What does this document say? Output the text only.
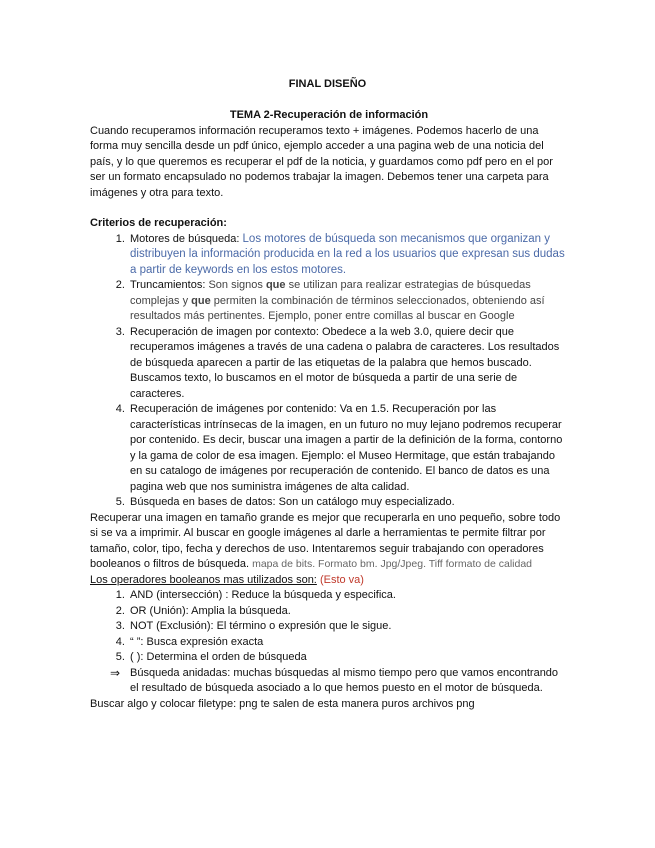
FINAL DISEÑO

TEMA 2-Recuperación de información

Cuando recuperamos información recuperamos texto + imágenes. Podemos hacerlo de una forma muy sencilla desde un pdf único, ejemplo acceder a una pagina web de una noticia del país, y lo que queremos es recuperar el pdf de la noticia, y guardamos como pdf pero en el por ser un formato encapsulado no podemos trabajar la imagen. Debemos tener una carpeta para imágenes y otra para texto.

Criterios de recuperación:

1. Motores de búsqueda: Los motores de búsqueda son mecanismos que organizan y distribuyen la información producida en la red a los usuarios que expresan sus dudas a partir de keywords en los estos motores.
2. Truncamientos: Son signos que se utilizan para realizar estrategias de búsquedas complejas y que permiten la combinación de términos seleccionados, obteniendo así resultados más pertinentes. Ejemplo, poner entre comillas al buscar en Google
3. Recuperación de imagen por contexto: Obedece a la web 3.0, quiere decir que recuperamos imágenes a través de una cadena o palabra de caracteres. Los resultados de búsqueda aparecen a partir de las etiquetas de la palabra que hemos buscado. Buscamos texto, lo buscamos en el motor de búsqueda a partir de una serie de caracteres.
4. Recuperación de imágenes por contenido: Va en 1.5. Recuperación por las características intrínsecas de la imagen, en un futuro no muy lejano podremos recuperar por contenido. Es decir, buscar una imagen a partir de la definición de la forma, contorno y la gama de color de esa imagen. Ejemplo: el Museo Hermitage, que están trabajando en su catalogo de imágenes por recuperación de contenido. El banco de datos es una pagina web que nos suministra imágenes de alta calidad.
5. Búsqueda en bases de datos: Son un catálogo muy especializado.

Recuperar una imagen en tamaño grande es mejor que recuperarla en uno pequeño, sobre todo si se va a imprimir. Al buscar en google imágenes al darle a herramientas te permite filtrar por tamaño, color, tipo, fecha y derechos de uso. Intentaremos seguir trabajando con operadores booleanos o filtros de búsqueda. mapa de bits. Formato bm. Jpg/Jpeg. Tiff formato de calidad

Los operadores booleanos mas utilizados son: (Esto va)

1. AND (intersección) : Reduce la búsqueda y especifica.
2. OR (Unión): Amplia la búsqueda.
3. NOT (Exclusión): El término o expresión que le sigue.
4. “ ”: Busca expresión exacta
5. ( ): Determina el orden de búsqueda
⇒ Búsqueda anidadas: muchas búsquedas al mismo tiempo pero que vamos encontrando el resultado de búsqueda asociado a lo que hemos puesto en el motor de búsqueda.

Buscar algo y colocar filetype: png te salen de esta manera puros archivos png
